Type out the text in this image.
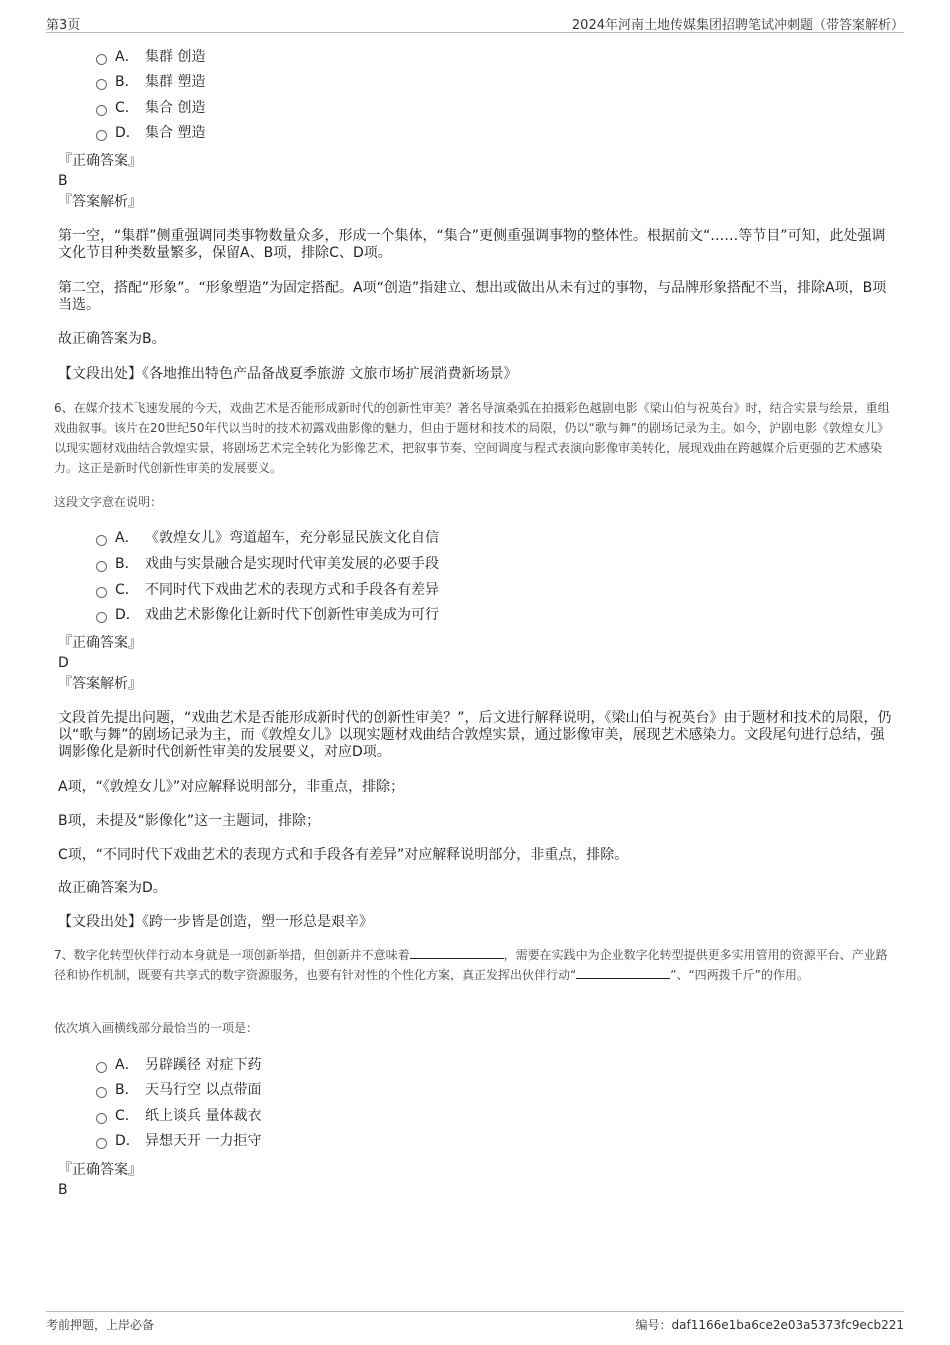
第3页	2024年河南土地传媒集团招聘笔试冲刺题（带答案解析）
A． 集群 创造
B． 集群 塑造
C． 集合 创造
D． 集合 塑造
『正确答案』
B
『答案解析』
第一空，“集群”侧重强调同类事物数量众多，形成一个集体，“集合”更侧重强调事物的整体性。根据前文“……等节目”可知，此处强调文化节目种类数量繁多，保留A、B项，排除C、D项。
第二空，搭配“形象”。“形象塑造”为固定搭配。A项“创造”指建立、想出或做出从未有过的事物，与品牌形象搭配不当，排除A项，B项当选。
故正确答案为B。
【文段出处】《各地推出特色产品备战夏季旅游 文旅市场扩展消费新场景》
6、在媒介技术飞速发展的今天，戏曲艺术是否能形成新时代的创新性审美？著名导演桑弧在拍摄彩色越剧电影《梁山伯与祝英台》时，结合实景与绘景，重组戏曲叙事。该片在20世纪50年代以当时的技术初露戏曲影像的魅力，但由于题材和技术的局限，仍以“歌与舞”的剧场记录为主。如今，沪剧电影《敦煌女儿》以现实题材戏曲结合敦煌实景，将剧场艺术完全转化为影像艺术，把叙事节奏、空间调度与程式表演向影像审美转化，展现戏曲在跨越媒介后更强的艺术感染力。这正是新时代创新性审美的发展要义。
这段文字意在说明：
A． 《敦煌女儿》弯道超车，充分彰显民族文化自信
B． 戏曲与实景融合是实现时代审美发展的必要手段
C． 不同时代下戏曲艺术的表现方式和手段各有差异
D． 戏曲艺术影像化让新时代下创新性审美成为可行
『正确答案』
D
『答案解析』
文段首先提出问题，“戏曲艺术是否能形成新时代的创新性审美？”，后文进行解释说明，《梁山伯与祝英台》由于题材和技术的局限，仍以“歌与舞”的剧场记录为主，而《敦煌女儿》以现实题材戏曲结合敦煌实景，通过影像审美，展现艺术感染力。文段尾句进行总结，强调影像化是新时代创新性审美的发展要义，对应D项。
A项，“《敦煌女儿》”对应解释说明部分，非重点，排除；
B项，未提及“影像化”这一主题词，排除；
C项，“不同时代下戏曲艺术的表现方式和手段各有差异”对应解释说明部分，非重点，排除。
故正确答案为D。
【文段出处】《跨一步皆是创造，塑一形总是艰辛》
7、数字化转型伙伴行动本身就是一项创新举措，但创新并不意味着	，需要在实践中为企业数字化转型提供更多实用管用的资源平台、产业路径和协作机制，既要有共享式的数字资源服务，也要有针对性的个性化方案，真正发挥出伙伴行动“	”、“四两拨千斤”的作用。
依次填入画横线部分最恰当的一项是：
A． 另辟蹊径 对症下药
B． 天马行空 以点带面
C． 纸上谈兵 量体裁衣
D． 异想天开 一力拒守
『正确答案』
B
考前押题，上岸必备	编号：daf1166e1ba6ce2e03a5373fc9ecb221
